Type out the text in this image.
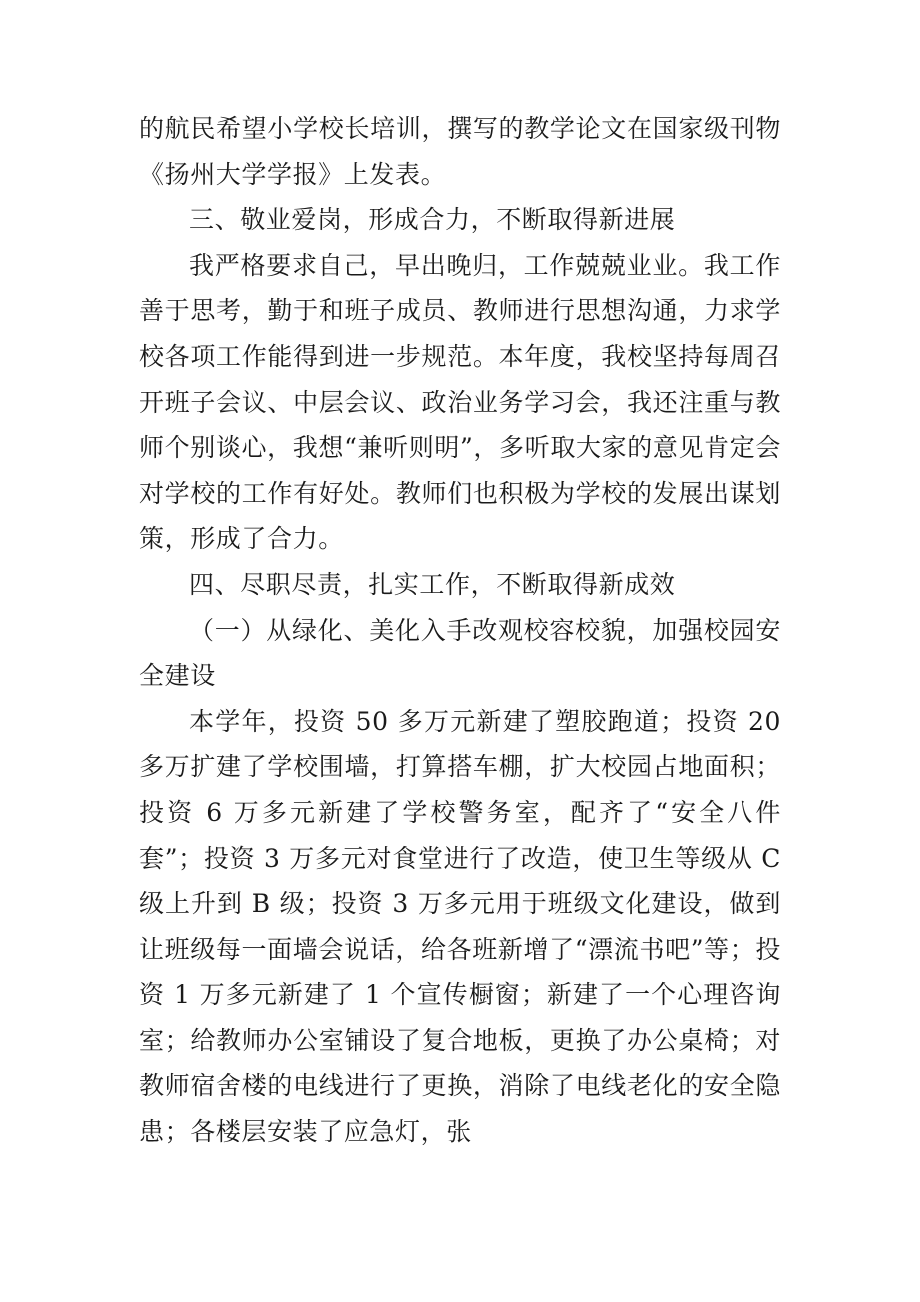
的航民希望小学校长培训，撰写的教学论文在国家级刊物《扬州大学学报》上发表。

三、敬业爱岗，形成合力，不断取得新进展

我严格要求自己，早出晚归，工作兢兢业业。我工作善于思考，勤于和班子成员、教师进行思想沟通，力求学校各项工作能得到进一步规范。本年度，我校坚持每周召开班子会议、中层会议、政治业务学习会，我还注重与教师个别谈心，我想“兼听则明”，多听取大家的意见肯定会对学校的工作有好处。教师们也积极为学校的发展出谋划策，形成了合力。

四、尽职尽责，扎实工作，不断取得新成效

（一）从绿化、美化入手改观校容校貌，加强校园安全建设

本学年，投资 50 多万元新建了塑胶跑道；投资 20 多万扩建了学校围墙，打算搭车棚，扩大校园占地面积；投资 6 万多元新建了学校警务室，配齐了“安全八件套”；投资 3 万多元对食堂进行了改造，使卫生等级从 C 级上升到 B 级；投资 3 万多元用于班级文化建设，做到让班级每一面墙会说话，给各班新增了“漂流书吧”等；投资 1 万多元新建了 1 个宣传橱窗；新建了一个心理咨询室；给教师办公室铺设了复合地板，更换了办公桌椅；对教师宿舍楼的电线进行了更换，消除了电线老化的安全隐患；各楼层安装了应急灯，张
